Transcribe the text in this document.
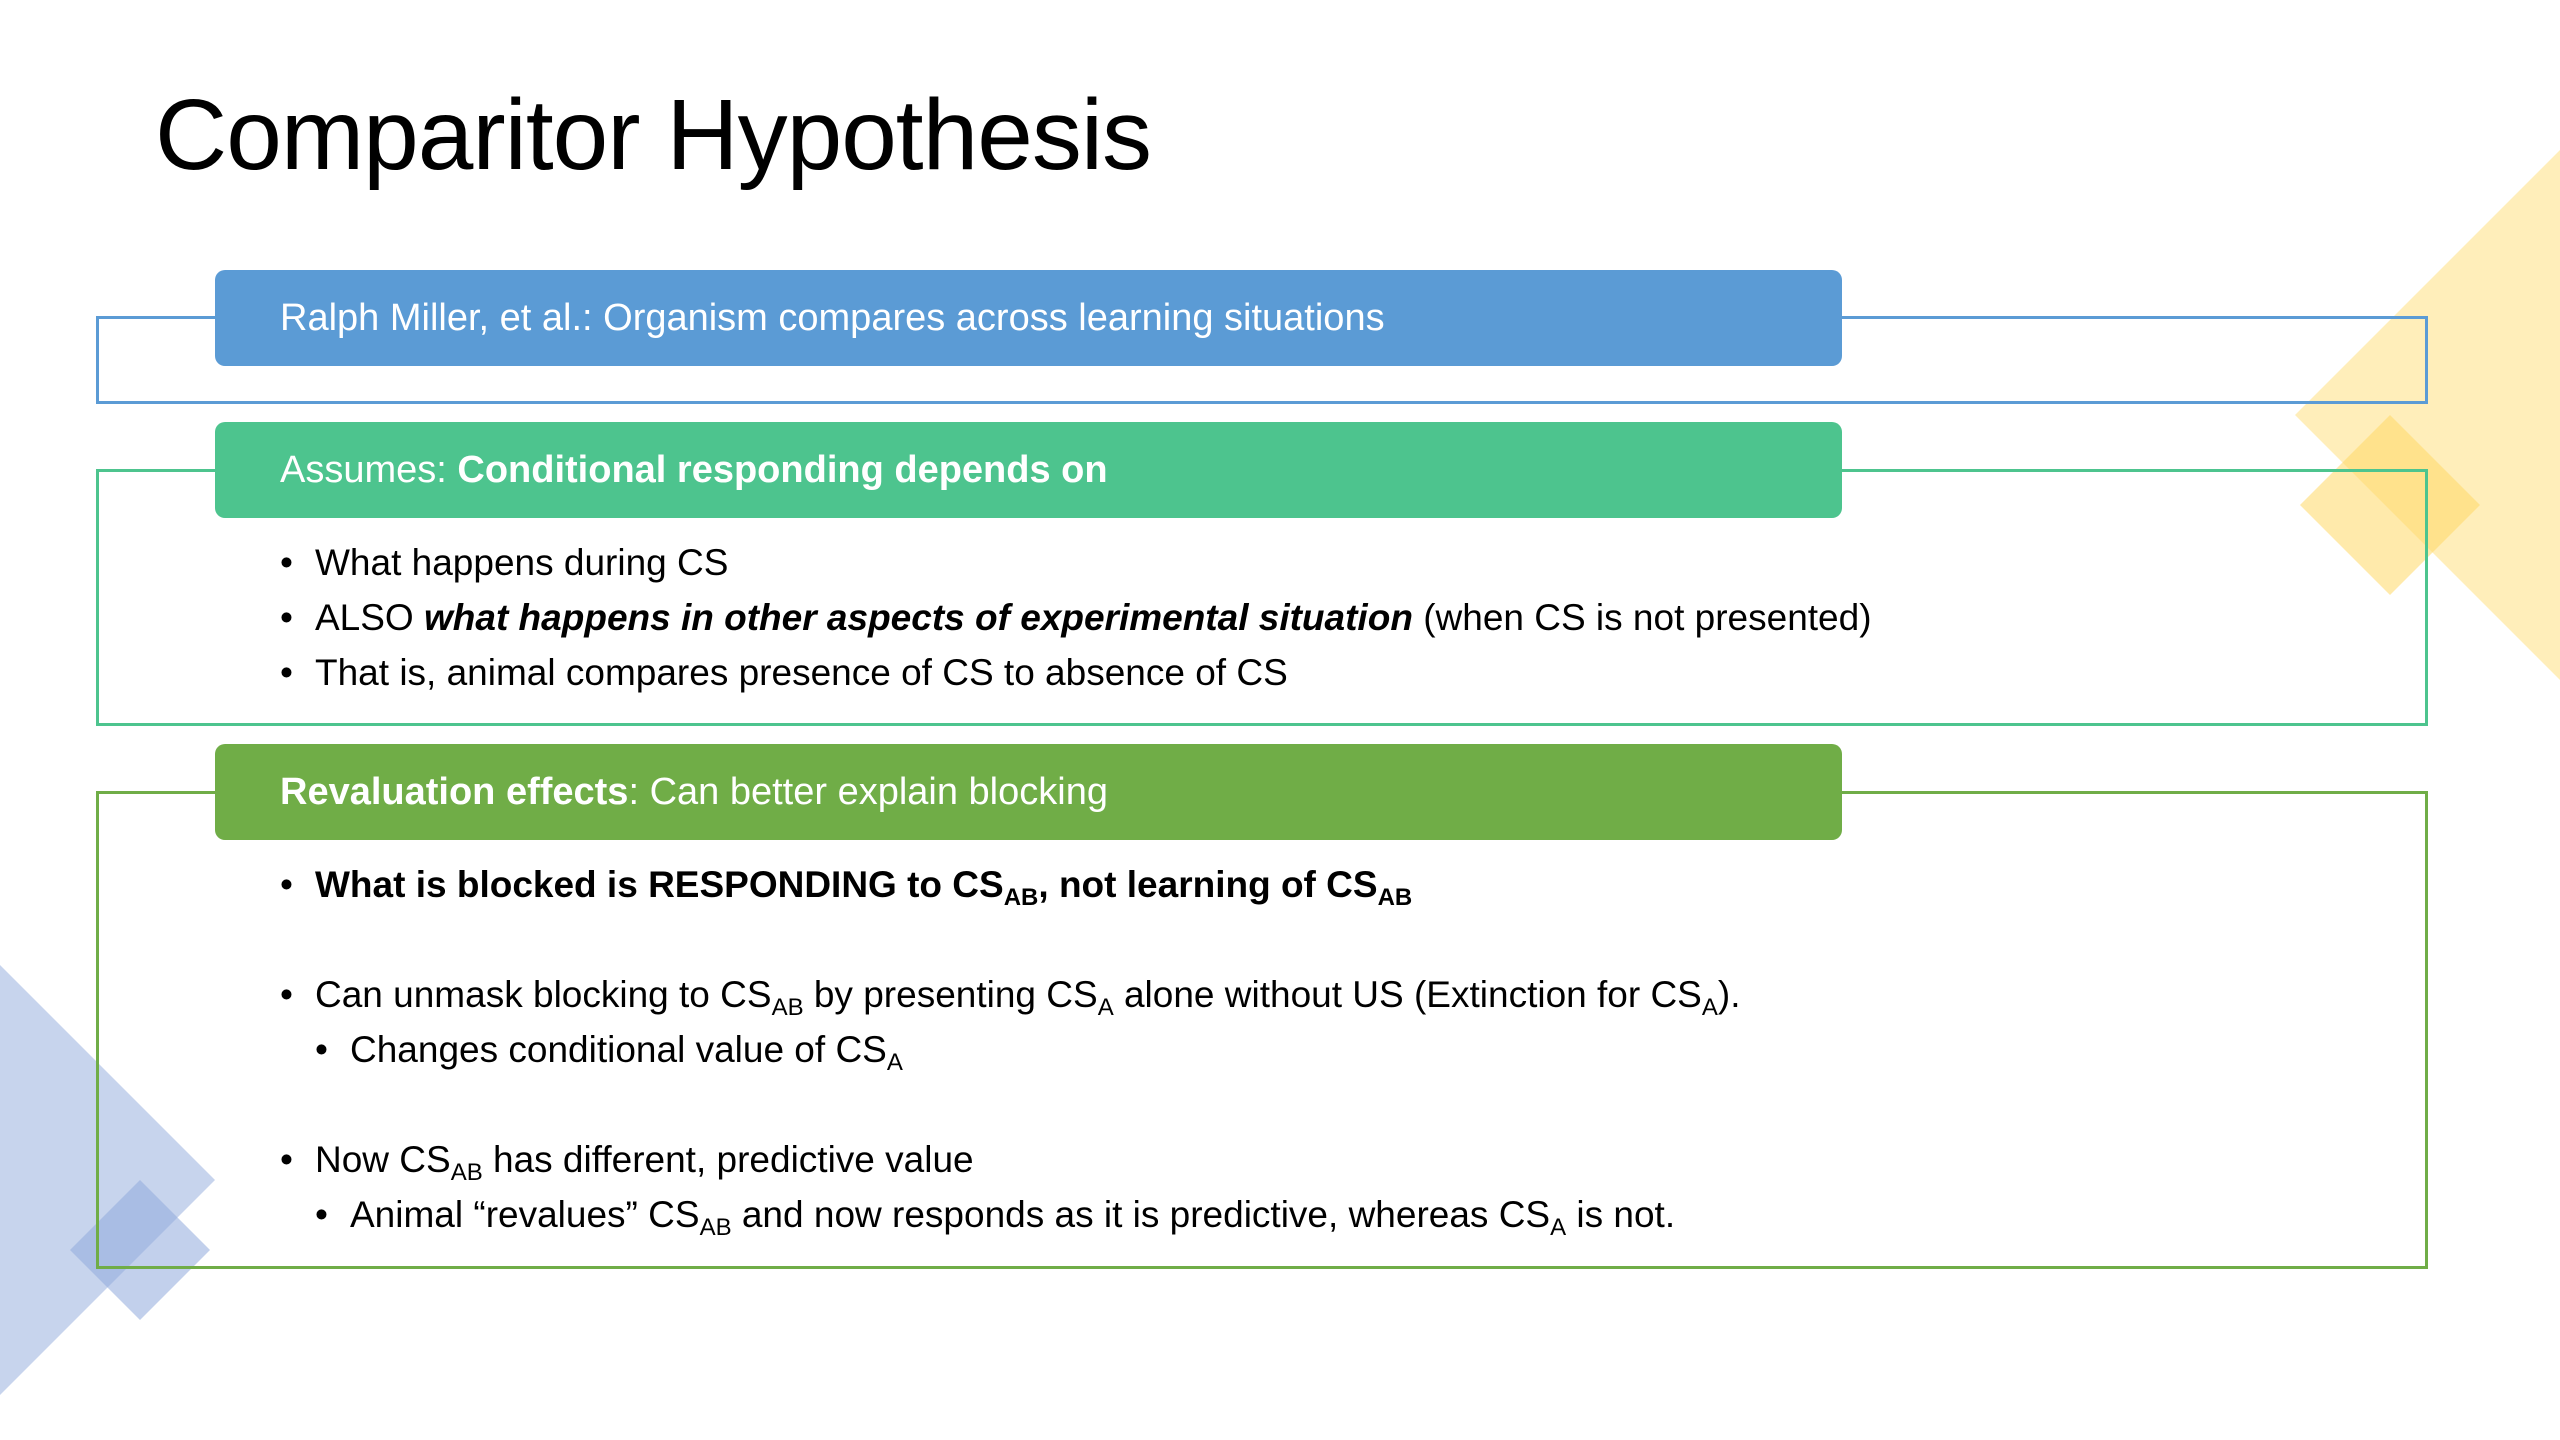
Comparitor Hypothesis
Ralph Miller, et al.: Organism compares across learning situations
Assumes: Conditional responding depends on
• What happens during CS
• ALSO what happens in other aspects of experimental situation (when CS is not presented)
• That is, animal compares presence of CS to absence of CS
Revaluation effects : Can better explain blocking
• What is blocked is RESPONDING to $CS_{AB}$, not learning of $CS_{AB}$
• Can unmask blocking to $CS_{AB}$ by presenting $CS_A$ alone without US (Extinction for $CS_A$).
• Changes conditional value of $CS_A$
• Now $CS_{AB}$ has different, predictive value
• Animal “revalues” $CS_{AB}$ and now responds as it is predictive, whereas $CS_A$ is not.
